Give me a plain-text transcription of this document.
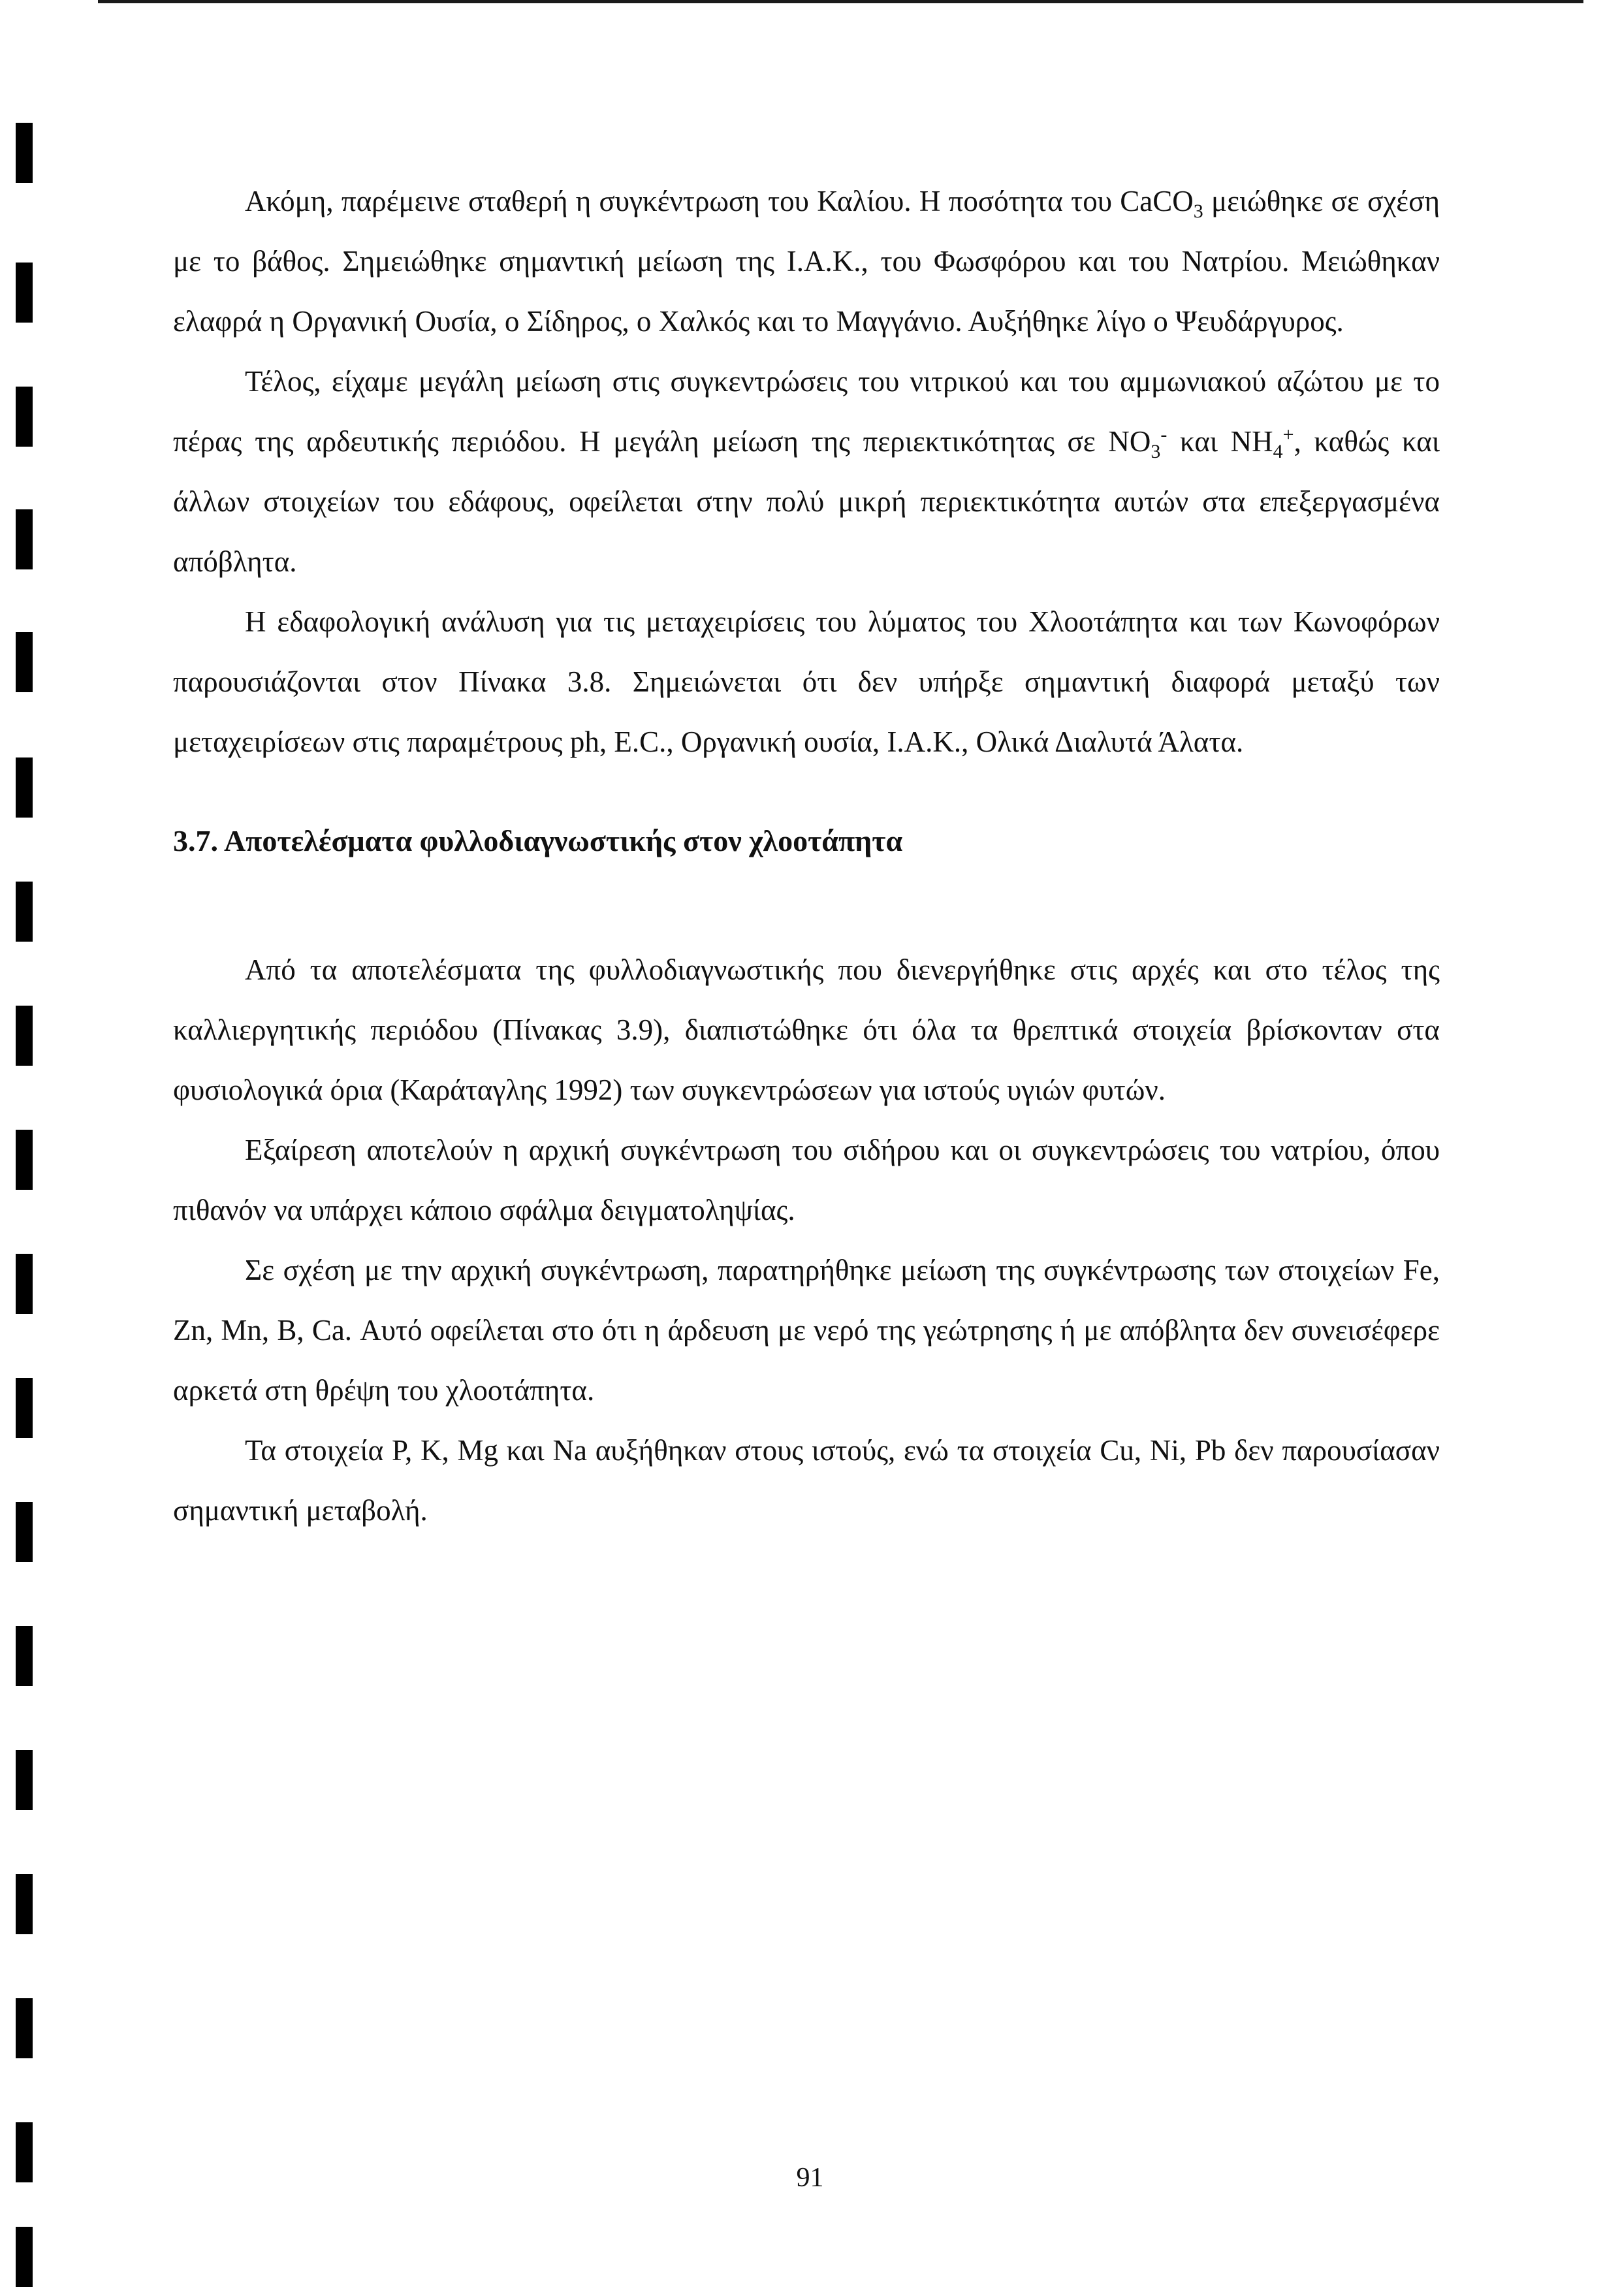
Ακόμη, παρέμεινε σταθερή η συγκέντρωση του Καλίου. Η ποσότητα του CaCO$_3$ μειώθηκε σε σχέση με το βάθος. Σημειώθηκε σημαντική μείωση της I.A.K., του Φωσφόρου και του Νατρίου. Μειώθηκαν ελαφρά η Οργανική Ουσία, ο Σίδηρος, ο Χαλκός και το Μαγγάνιο. Αυξήθηκε λίγο ο Ψευδάργυρος.

Τέλος, είχαμε μεγάλη μείωση στις συγκεντρώσεις του νιτρικού και του αμμωνιακού αζώτου με το πέρας της αρδευτικής περιόδου. Η μεγάλη μείωση της περιεκτικότητας σε $NO_3^-$ και $NH_4^+$, καθώς και άλλων στοιχείων του εδάφους, οφείλεται στην πολύ μικρή περιεκτικότητα αυτών στα επεξεργασμένα απόβλητα.

Η εδαφολογική ανάλυση για τις μεταχειρίσεις του λύματος του Χλοοτάπητα και των Κωνοφόρων παρουσιάζονται στον Πίνακα 3.8. Σημειώνεται ότι δεν υπήρξε σημαντική διαφορά μεταξύ των μεταχειρίσεων στις παραμέτρους ph, E.C., Οργανική ουσία, I.A.K., Ολικά Διαλυτά Άλατα.

3.7. Αποτελέσματα φυλλοδιαγνωστικής στον χλοοτάπητα

Από τα αποτελέσματα της φυλλοδιαγνωστικής που διενεργήθηκε στις αρχές και στο τέλος της καλλιεργητικής περιόδου (Πίνακας 3.9), διαπιστώθηκε ότι όλα τα θρεπτικά στοιχεία βρίσκονταν στα φυσιολογικά όρια (Καράταγλης 1992) των συγκεντρώσεων για ιστούς υγιών φυτών.

Εξαίρεση αποτελούν η αρχική συγκέντρωση του σιδήρου και οι συγκεντρώσεις του νατρίου, όπου πιθανόν να υπάρχει κάποιο σφάλμα δειγματοληψίας.

Σε σχέση με την αρχική συγκέντρωση, παρατηρήθηκε μείωση της συγκέντρωσης των στοιχείων Fe, Zn, Mn, B, Ca. Αυτό οφείλεται στο ότι η άρδευση με νερό της γεώτρησης ή με απόβλητα δεν συνεισέφερε αρκετά στη θρέψη του χλοοτάπητα.

Τα στοιχεία P, K, Mg και Na αυξήθηκαν στους ιστούς, ενώ τα στοιχεία Cu, Ni, Pb δεν παρουσίασαν σημαντική μεταβολή.

91
